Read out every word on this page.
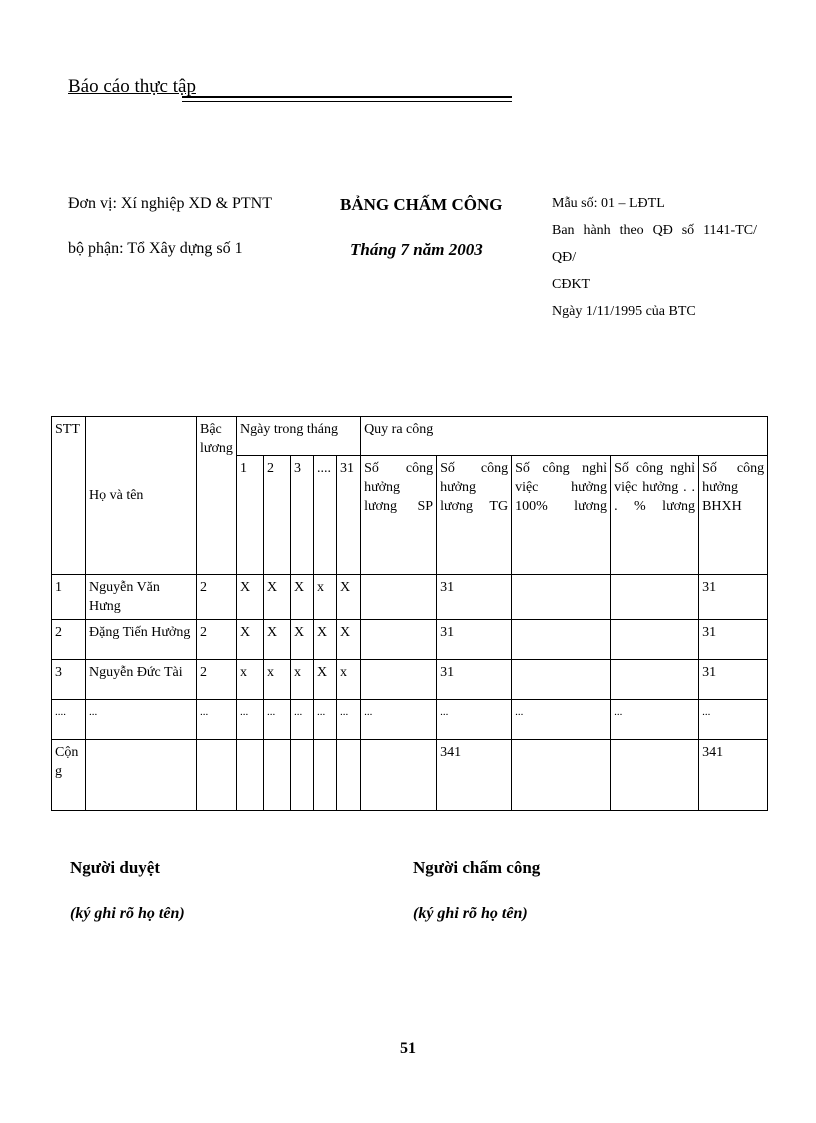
Báo cáo thực tập
Đơn vị: Xí nghiệp XD & PTNT
bộ phận: Tổ Xây dựng số 1
BẢNG CHẤM CÔNG
Tháng 7 năm 2003
Mẫu số: 01 – LĐTL
Ban hành theo QĐ số 1141-TC/ QĐ/
CĐKT
Ngày 1/11/1995 của BTC
STT	Họ và tên	Bậc lương	Ngày trong tháng					Quy ra công				
			1	2	3	....	31	Số công hưởng lương SP	Số công hưởng lương TG	Số công nghỉ việc hưởng 100% lương	Số công nghỉ việc hưởng . . . % lương	Số công hưởng BHXH
1	Nguyễn Văn Hưng	2	X	X	X	x	X		31			31
2	Đặng Tiến Hưởng	2	X	X	X	X	X		31			31
3	Nguyễn Đức Tài	2	x	x	x	X	x		31			31
....	...	...	...	...	...	...	...	...	...	...	...	...
Cộng									341			341
Người duyệt
(ký ghi rõ họ tên)
Người chấm công
(ký ghi rõ họ tên)
51
